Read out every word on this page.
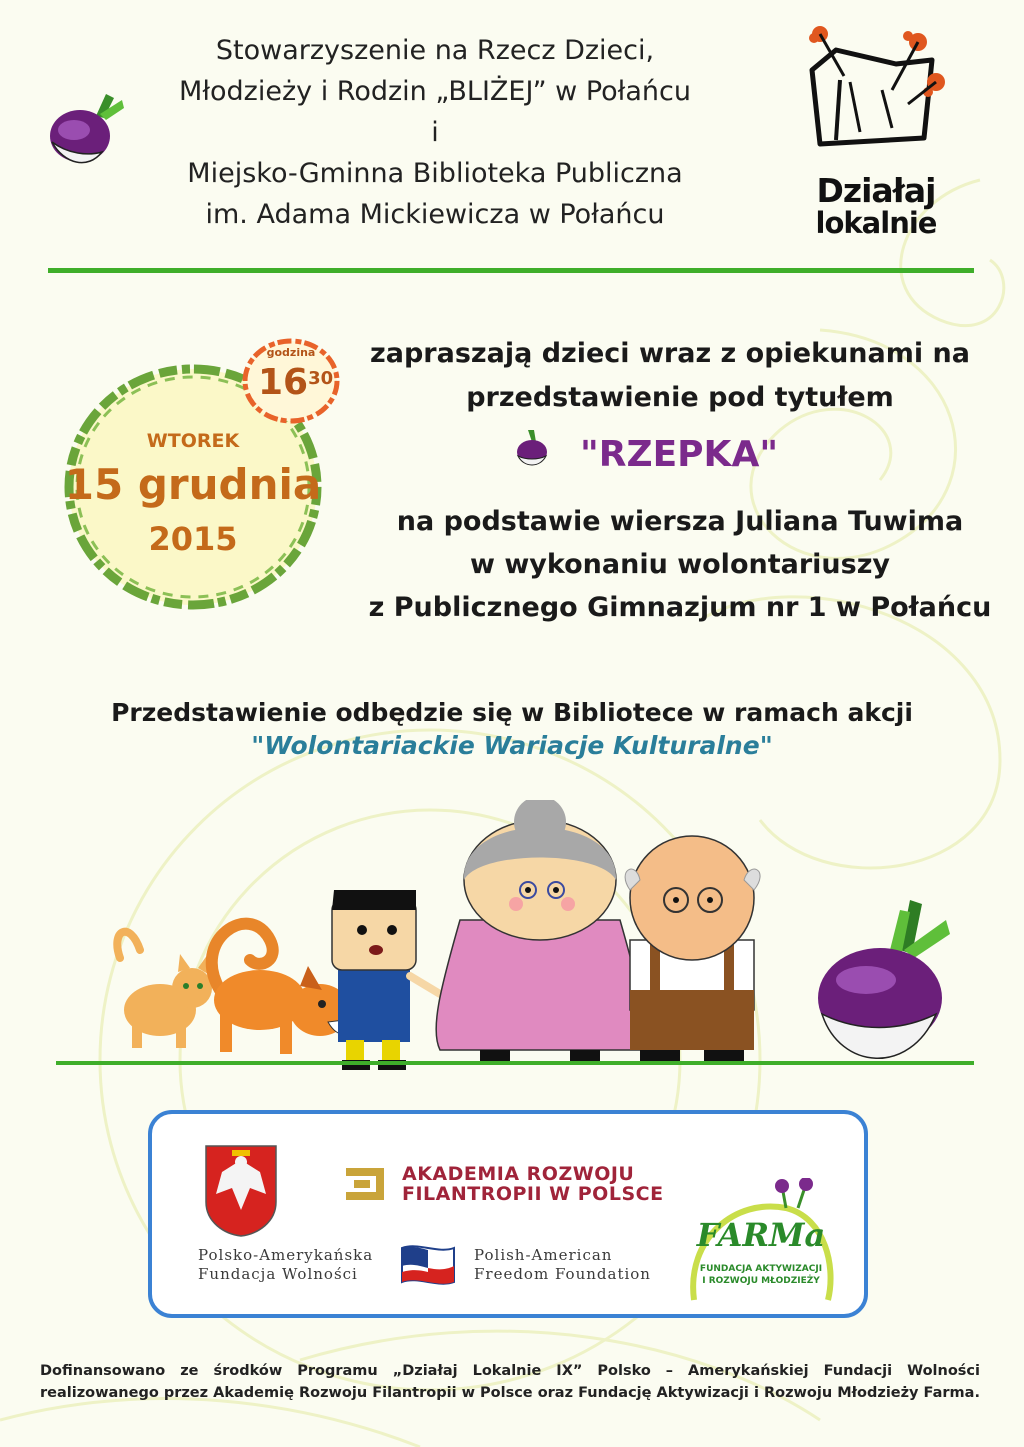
Stowarzyszenie na Rzecz Dzieci,
Młodzieży i Rodzin „BLIŻEJ” w Połańcu
i
Miejsko-Gminna Biblioteka Publiczna
im. Adama Mickiewicza w Połańcu
Działaj
lokalnie
WTOREK
15 grudnia
2015
godzina
$16^{30}$
zapraszają dzieci wraz z opiekunami na
przedstawienie pod tytułem
"RZEPKA"
na podstawie wiersza Juliana Tuwima
w wykonaniu wolontariuszy
z Publicznego Gimnazjum nr 1 w Połańcu
Przedstawienie odbędzie się w Bibliotece w ramach akcji
"Wolontariackie Wariacje Kulturalne"
AKADEMIA ROZWOJU
FILANTROPII W POLSCE
Polsko-Amerykańska
Fundacja Wolności
Polish-American
Freedom Foundation
FARMa
FUNDACJA AKTYWIZACJI
I ROZWOJU MŁODZIEŻY
Dofinansowano ze środków Programu „Działaj Lokalnie IX” Polsko – Amerykańskiej Fundacji Wolności realizowanego przez Akademię Rozwoju Filantropii w Polsce oraz Fundację Aktywizacji i Rozwoju Młodzieży Farma.
